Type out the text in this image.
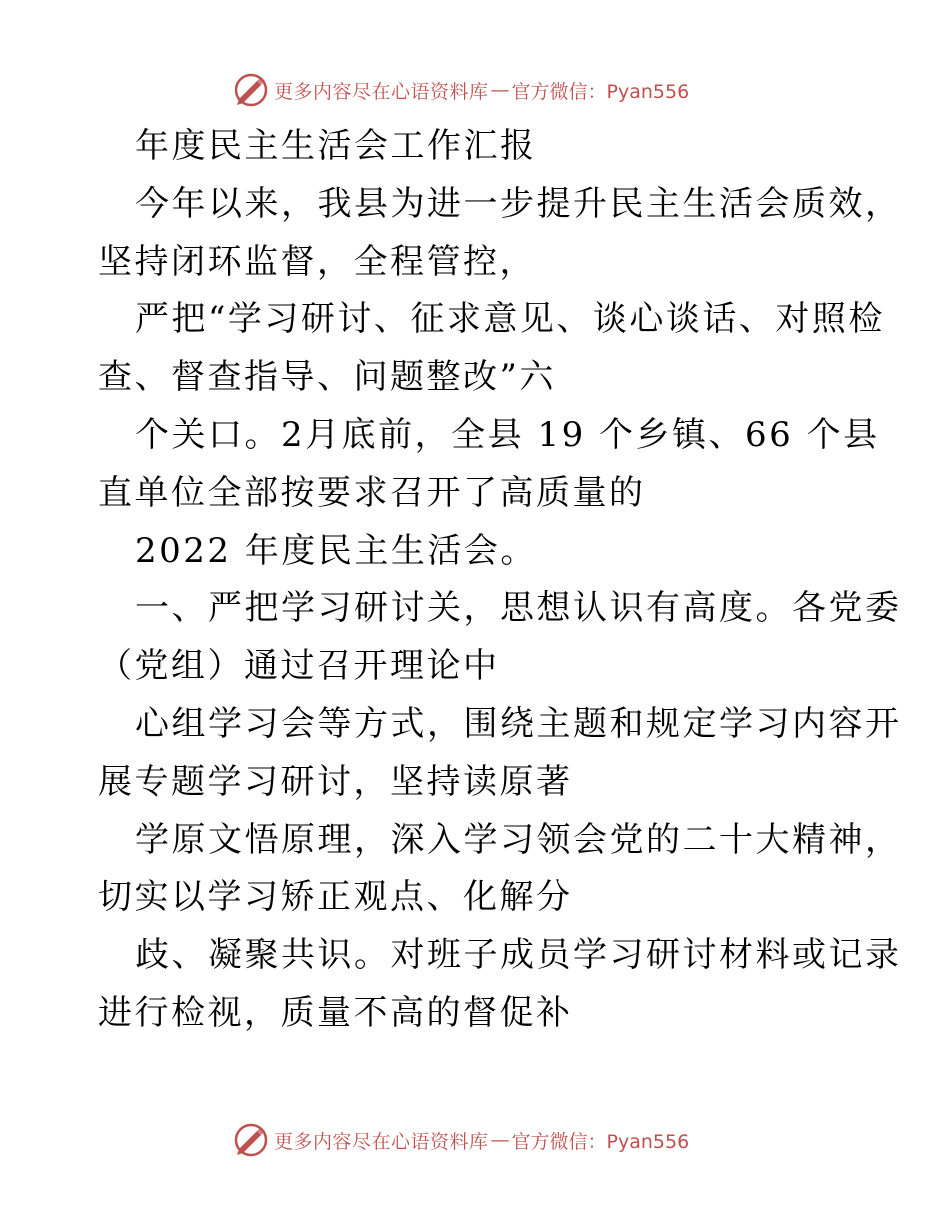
更多内容尽在心语资料库 — 官方微信：Pyan556
年度民主生活会工作汇报
今年以来，我县为进一步提升民主生活会质效，
坚持闭环监督，全程管控，
严把“学习研讨、征求意见、谈心谈话、对照检
查、督查指导、问题整改”六
个关口。2月底前，全县 19 个乡镇、66 个县
直单位全部按要求召开了高质量的
2022 年度民主生活会。
一、严把学习研讨关，思想认识有高度。各党委
（党组）通过召开理论中
心组学习会等方式，围绕主题和规定学习内容开
展专题学习研讨，坚持读原著
学原文悟原理，深入学习领会党的二十大精神，
切实以学习矫正观点、化解分
歧、凝聚共识。对班子成员学习研讨材料或记录
进行检视，质量不高的督促补
更多内容尽在心语资料库 — 官方微信：Pyan556
